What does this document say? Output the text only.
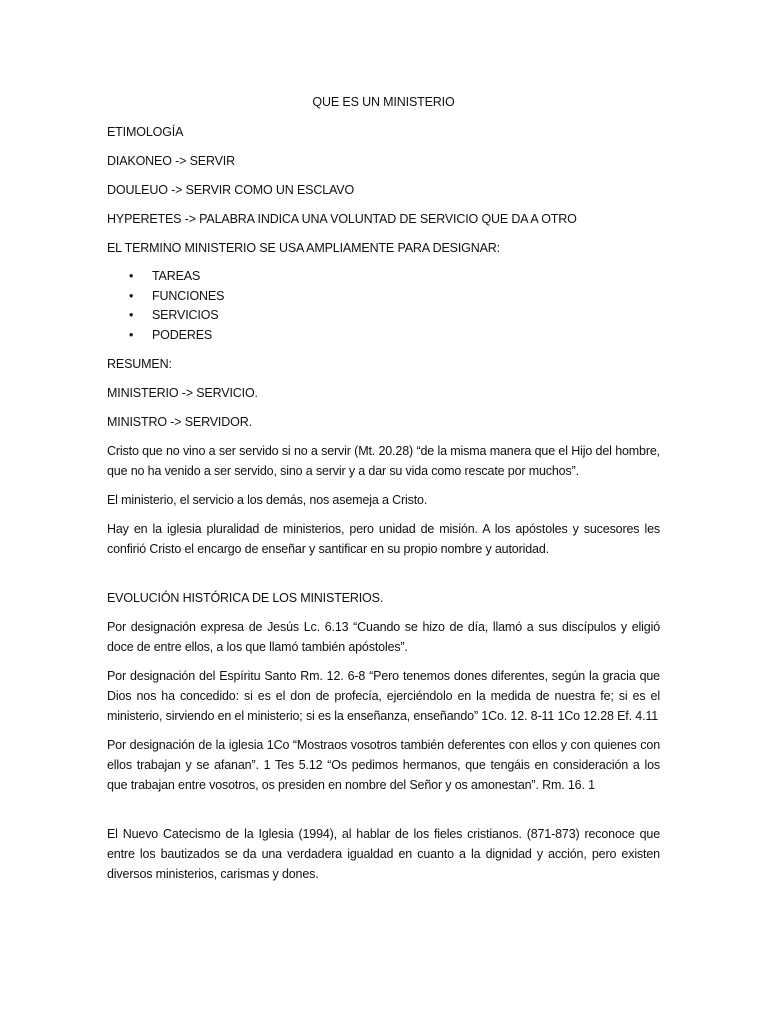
QUE ES UN MINISTERIO

ETIMOLOGÍA

DIAKONEO -> SERVIR

DOULEUO -> SERVIR COMO UN ESCLAVO

HYPERETES -> PALABRA INDICA UNA VOLUNTAD DE SERVICIO QUE DA A OTRO

EL TERMINO MINISTERIO SE USA AMPLIAMENTE PARA DESIGNAR:

• TAREAS
• FUNCIONES
• SERVICIOS
• PODERES

RESUMEN:

MINISTERIO -> SERVICIO.

MINISTRO -> SERVIDOR.

Cristo que no vino a ser servido si no a servir (Mt. 20.28) “de la misma manera que el Hijo del hombre, que no ha venido a ser servido, sino a servir y a dar su vida como rescate por muchos”.

El ministerio, el servicio a los demás, nos asemeja a Cristo.

Hay en la iglesia pluralidad de ministerios, pero unidad de misión. A los apóstoles y sucesores les confirió Cristo el encargo de enseñar y santificar en su propio nombre y autoridad.

EVOLUCIÓN HISTÓRICA DE LOS MINISTERIOS.

Por designación expresa de Jesús Lc. 6.13 “Cuando se hizo de día, llamó a sus discípulos y eligió doce de entre ellos, a los que llamó también apóstoles”.

Por designación del Espíritu Santo Rm. 12. 6-8 “Pero tenemos dones diferentes, según la gracia que Dios nos ha concedido: si es el don de profecía, ejerciéndolo en la medida de nuestra fe; si es el ministerio, sirviendo en el ministerio; si es la enseñanza, enseñando” 1Co. 12. 8-11 1Co 12.28 Ef. 4.11

Por designación de la iglesia 1Co “Mostraos vosotros también deferentes con ellos y con quienes con ellos trabajan y se afanan”. 1 Tes 5.12 “Os pedimos hermanos, que tengáis en consideración a los que trabajan entre vosotros, os presiden en nombre del Señor y os amonestan”. Rm. 16. 1

El Nuevo Catecismo de la Iglesia (1994), al hablar de los fieles cristianos. (871-873) reconoce que entre los bautizados se da una verdadera igualdad en cuanto a la dignidad y acción, pero existen diversos ministerios, carismas y dones.
